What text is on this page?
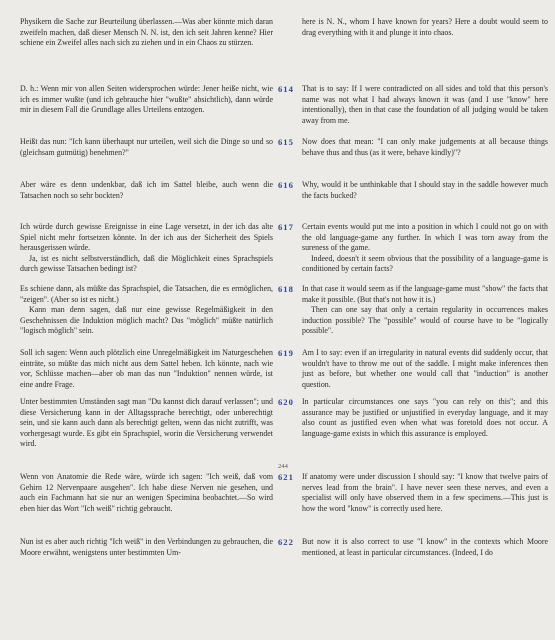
Physikern die Sache zur Beurteilung überlassen.—Was aber könnte mich daran zweifeln machen, daß dieser Mensch N. N. ist, den ich seit Jahren kenne? Hier schiene ein Zweifel alles nach sich zu ziehen und in ein Chaos zu stürzen.

here is N. N., whom I have known for years? Here a doubt would seem to drag everything with it and plunge it into chaos.

614

D. h.: Wenn mir von allen Seiten widersprochen würde: Jener heiße nicht, wie ich es immer wußte (und ich gebrauche hier "wußte" absichtlich), dann würde mir in diesem Fall die Grundlage alles Urteilens entzogen.

That is to say: If I were contradicted on all sides and told that this person's name was not what I had always known it was (and I use "know" here intentionally), then in that case the foundation of all judging would be taken away from me.

615

Heißt das nun: "Ich kann überhaupt nur urteilen, weil sich die Dinge so und so (gleichsam gutmütig) benehmen?"

Now does that mean: "I can only make judgements at all because things behave thus and thus (as it were, behave kindly)"?

616

Aber wäre es denn undenkbar, daß ich im Sattel bleibe, auch wenn die Tatsachen noch so sehr bockten?

Why, would it be unthinkable that I should stay in the saddle however much the facts bucked?

617

Ich würde durch gewisse Ereignisse in eine Lage versetzt, in der ich das alte Spiel nicht mehr fortsetzen könnte. In der ich aus der Sicherheit des Spiels herausgerissen würde.
Ja, ist es nicht selbstverständlich, daß die Möglichkeit eines Sprachspiels durch gewisse Tatsachen bedingt ist?

Certain events would put me into a position in which I could not go on with the old language-game any further. In which I was torn away from the sureness of the game.
Indeed, doesn't it seem obvious that the possibility of a language-game is conditioned by certain facts?

618

Es schiene dann, als müßte das Sprachspiel, die Tatsachen, die es ermöglichen, "zeigen". (Aber so ist es nicht.)
Kann man denn sagen, daß nur eine gewisse Regelmäßigkeit in den Geschehnissen die Induktion möglich macht? Das "möglich" müßte natürlich "logisch möglich" sein.

In that case it would seem as if the language-game must "show" the facts that make it possible. (But that's not how it is.)
Then can one say that only a certain regularity in occurrences makes induction possible? The "possible" would of course have to be "logically possible".

619

Soll ich sagen: Wenn auch plötzlich eine Unregelmäßigkeit im Naturgeschehen einträte, so müßte das mich nicht aus dem Sattel heben. Ich könnte, nach wie vor, Schlüsse machen—aber ob man das nun "Induktion" nennen würde, ist eine andre Frage.

Am I to say: even if an irregularity in natural events did suddenly occur, that wouldn't have to throw me out of the saddle. I might make inferences then just as before, but whether one would call that "induction" is another question.

620

Unter bestimmten Umständen sagt man "Du kannst dich darauf verlassen"; und diese Versicherung kann in der Alltagssprache berechtigt, oder unberechtigt sein, und sie kann auch dann als berechtigt gelten, wenn das nicht zutrifft, was vorhergesagt wurde. Es gibt ein Sprachspiel, worin die Versicherung verwendet wird.

In particular circumstances one says "you can rely on this"; and this assurance may be justified or unjustified in everyday language, and it may also count as justified even when what was foretold does not occur. A language-game exists in which this assurance is employed.

244
621

Wenn von Anatomie die Rede wäre, würde ich sagen: "Ich weiß, daß vom Gehirn 12 Nervenpaare ausgehen". Ich habe diese Nerven nie gesehen, und auch ein Fachmann hat sie nur an wenigen Specimina beobachtet.—So wird eben hier das Wort "Ich weiß" richtig gebraucht.

If anatomy were under discussion I should say: "I know that twelve pairs of nerves lead from the brain". I have never seen these nerves, and even a specialist will only have observed them in a few specimens.—This just is how the word "know" is correctly used here.

622

Nun ist es aber auch richtig "Ich weiß" in den Verbindungen zu gebrauchen, die Moore erwähnt, wenigstens unter bestimmten Um-

But now it is also correct to use "I know" in the contexts which Moore mentioned, at least in particular circumstances. (Indeed, I do
